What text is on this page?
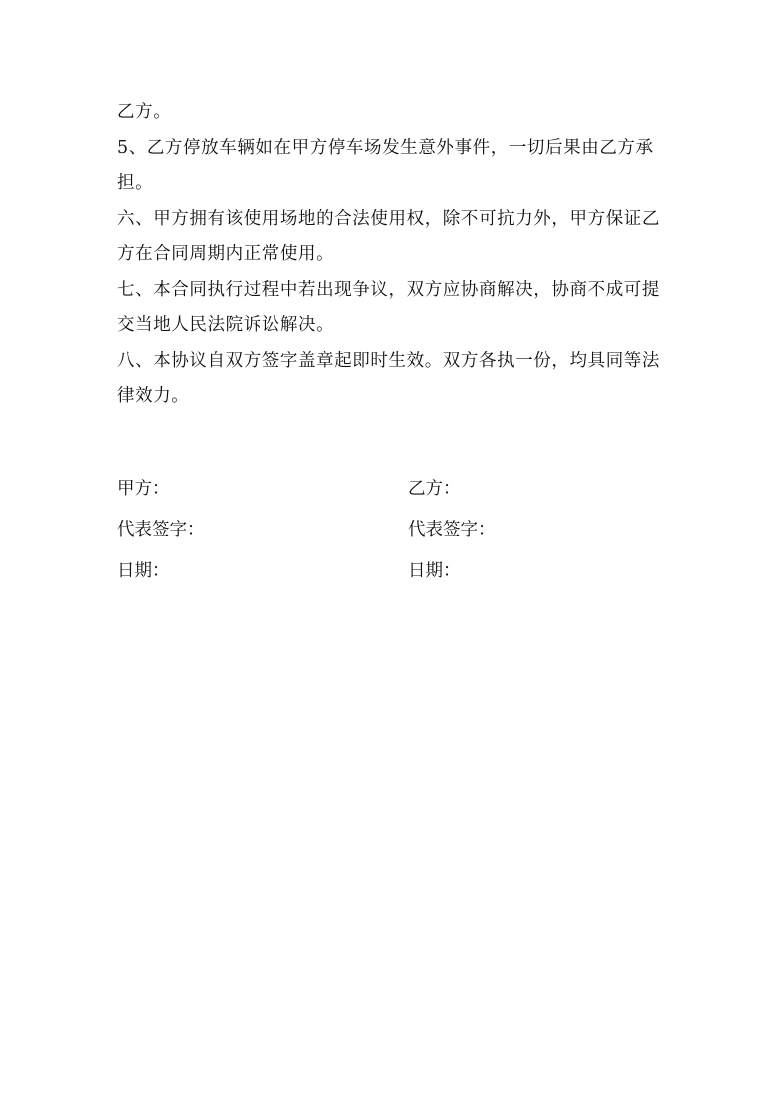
乙方。
5、乙方停放车辆如在甲方停车场发生意外事件，一切后果由乙方承
担。
六、甲方拥有该使用场地的合法使用权，除不可抗力外，甲方保证乙
方在合同周期内正常使用。
七、本合同执行过程中若出现争议，双方应协商解决，协商不成可提
交当地人民法院诉讼解决。
八、本协议自双方签字盖章起即时生效。双方各执一份，均具同等法
律效力。
甲方：	乙方：
代表签字：	代表签字：
日期：	日期：
